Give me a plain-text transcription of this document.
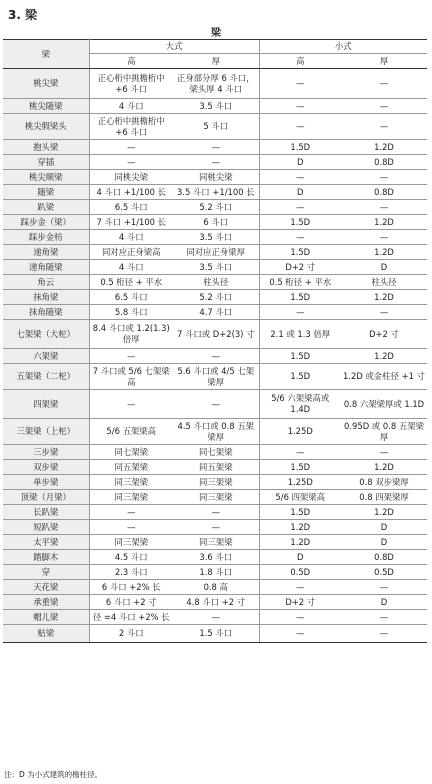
3. 梁
梁
梁	大式		小式	
	高	厚	高	厚
桃尖梁	正心桁中挑檐桁中 +6 斗口	正身部分厚 6 斗口，梁头厚 4 斗口	—	—
桃尖随梁	4 斗口	3.5 斗口	—	—
桃尖假梁头	正心桁中挑檐桁中 +6 斗口	5 斗口	—	—
抱头梁	—	—	1.5D	1.2D
穿插	—	—	D	0.8D
桃尖顺梁	同桃尖梁	同桃尖梁	—	—
随梁	4 斗口 +1/100 长	3.5 斗口 +1/100 长	D	0.8D
趴梁	6.5 斗口	5.2 斗口	—	—
踩步金（梁）	7 斗口 +1/100 长	6 斗口	1.5D	1.2D
踩步金枋	4 斗口	3.5 斗口	—	—
递角梁	同对应正身梁高	同对应正身梁厚	1.5D	1.2D
递角随梁	4 斗口	3.5 斗口	D+2 寸	D
角云	0.5 桁径 + 平水	柱头径	0.5 桁径 + 平水	柱头径
抹角梁	6.5 斗口	5.2 斗口	1.5D	1.2D
抹角随梁	5.8 斗口	4.7 斗口	—	—
七架梁（大柁）	8.4 斗口或 1.2(1.3) 倍厚	7 斗口或 D+2(3) 寸	2.1 或 1.3 倍厚	D+2 寸
六架梁	—	—	1.5D	1.2D
五架梁（二柁）	7 斗口或 5/6 七架梁高	5.6 斗口或 4/5 七架梁厚	1.5D	1.2D 或金柱径 +1 寸
四架梁	—	—	5/6 六架梁高或 1.4D	0.8 六架梁厚或 1.1D
三架梁（上柁）	5/6 五架梁高	4.5 斗口或 0.8 五架梁厚	1.25D	0.95D 或 0.8 五架梁厚
三步梁	同七架梁	同七架梁	—	—
双步梁	同五架梁	同五架梁	1.5D	1.2D
单步梁	同三架梁	同三架梁	1.25D	0.8 双步梁厚
顶梁（月梁）	同三架梁	同三架梁	5/6 四架梁高	0.8 四架梁厚
长趴梁	—	—	1.5D	1.2D
短趴梁	—	—	1.2D	D
太平梁	同三架梁	同三架梁	1.2D	D
踏脚木	4.5 斗口	3.6 斗口	D	0.8D
穿	2.3 斗口	1.8 斗口	0.5D	0.5D
天花梁	6 斗口 +2% 长	0.8 高	—	—
承重梁	6 斗口 +2 寸	4.8 斗口 +2 寸	D+2 寸	D
帽儿梁	径 =4 斗口 +2% 长	—	—	—
贴梁	2 斗口	1.5 斗口	—	—
注：D 为小式建筑的檐柱径。
